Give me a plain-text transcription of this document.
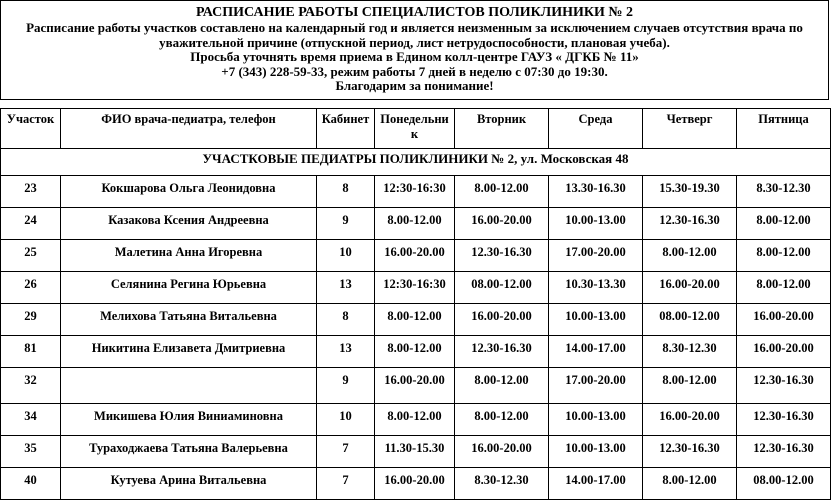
РАСПИСАНИЕ РАБОТЫ СПЕЦИАЛИСТОВ ПОЛИКЛИНИКИ № 2
Расписание работы участков составлено на календарный год и является неизменным за исключением случаев отсутствия врача по
уважительной причине (отпускной период, лист нетрудоспособности, плановая учеба).
Просьба уточнять время приема в Едином колл-центре ГАУЗ « ДГКБ № 11»
+7 (343) 228-59-33, режим работы 7 дней в неделю с 07:30 до 19:30.
Благодарим за понимание!
Участок	ФИО врача-педиатра, телефон	Кабинет	Понедельни к	Вторник	Среда	Четверг	Пятница
УЧАСТКОВЫЕ ПЕДИАТРЫ ПОЛИКЛИНИКИ № 2, ул. Московская 48							
23	Кокшарова Ольга Леонидовна	8	12:30-16:30	8.00-12.00	13.30-16.30	15.30-19.30	8.30-12.30
24	Казакова Ксения Андреевна	9	8.00-12.00	16.00-20.00	10.00-13.00	12.30-16.30	8.00-12.00
25	Малетина Анна Игоревна	10	16.00-20.00	12.30-16.30	17.00-20.00	8.00-12.00	8.00-12.00
26	Селянина Регина Юрьевна	13	12:30-16:30	08.00-12.00	10.30-13.30	16.00-20.00	8.00-12.00
29	Мелихова Татьяна Витальевна	8	8.00-12.00	16.00-20.00	10.00-13.00	08.00-12.00	16.00-20.00
81	Никитина Елизавета Дмитриевна	13	8.00-12.00	12.30-16.30	14.00-17.00	8.30-12.30	16.00-20.00
32		9	16.00-20.00	8.00-12.00	17.00-20.00	8.00-12.00	12.30-16.30
34	Микишева Юлия Виниаминовна	10	8.00-12.00	8.00-12.00	10.00-13.00	16.00-20.00	12.30-16.30
35	Тураходжаева Татьяна Валерьевна	7	11.30-15.30	16.00-20.00	10.00-13.00	12.30-16.30	12.30-16.30
40	Кутуева Арина Витальевна	7	16.00-20.00	8.30-12.30	14.00-17.00	8.00-12.00	08.00-12.00
